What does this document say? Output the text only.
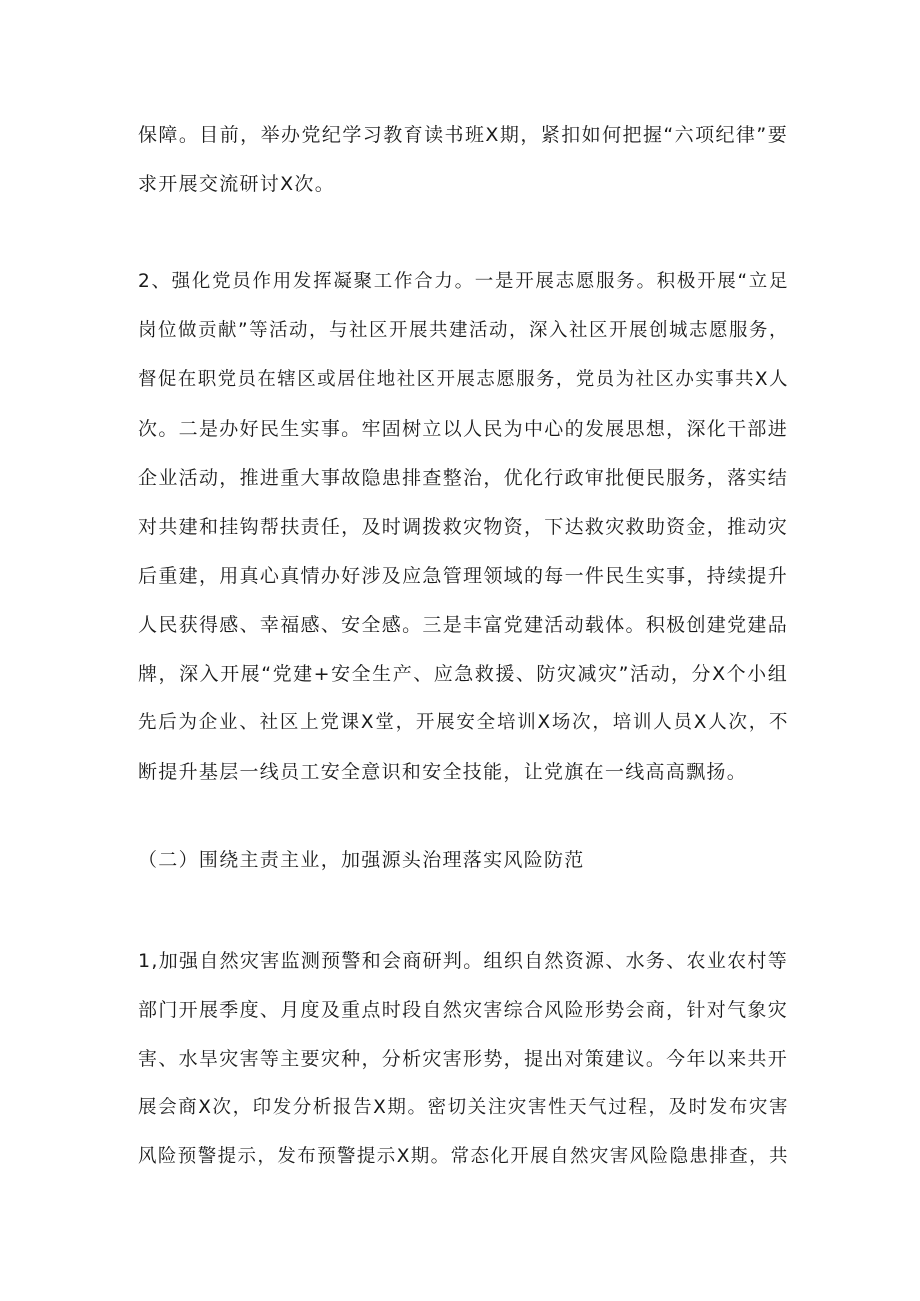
保障。目前，举办党纪学习教育读书班X期，紧扣如何把握“六项纪律”要
求开展交流研讨X次。
2、强化党员作用发挥凝聚工作合力。一是开展志愿服务。积极开展“立足
岗位做贡献”等活动，与社区开展共建活动，深入社区开展创城志愿服务，
督促在职党员在辖区或居住地社区开展志愿服务，党员为社区办实事共X人
次。二是办好民生实事。牢固树立以人民为中心的发展思想，深化干部进
企业活动，推进重大事故隐患排查整治，优化行政审批便民服务，落实结
对共建和挂钩帮扶责任，及时调拨救灾物资，下达救灾救助资金，推动灾
后重建，用真心真情办好涉及应急管理领域的每一件民生实事，持续提升
人民获得感、幸福感、安全感。三是丰富党建活动载体。积极创建党建品
牌，深入开展“党建+安全生产、应急救援、防灾减灾”活动，分X个小组
先后为企业、社区上党课X堂，开展安全培训X场次，培训人员X人次，不
断提升基层一线员工安全意识和安全技能，让党旗在一线高高飘扬。
（二）围绕主责主业，加强源头治理落实风险防范
1,加强自然灾害监测预警和会商研判。组织自然资源、水务、农业农村等
部门开展季度、月度及重点时段自然灾害综合风险形势会商，针对气象灾
害、水旱灾害等主要灾种，分析灾害形势，提出对策建议。今年以来共开
展会商X次，印发分析报告X期。密切关注灾害性天气过程，及时发布灾害
风险预警提示，发布预警提示X期。常态化开展自然灾害风险隐患排查，共
